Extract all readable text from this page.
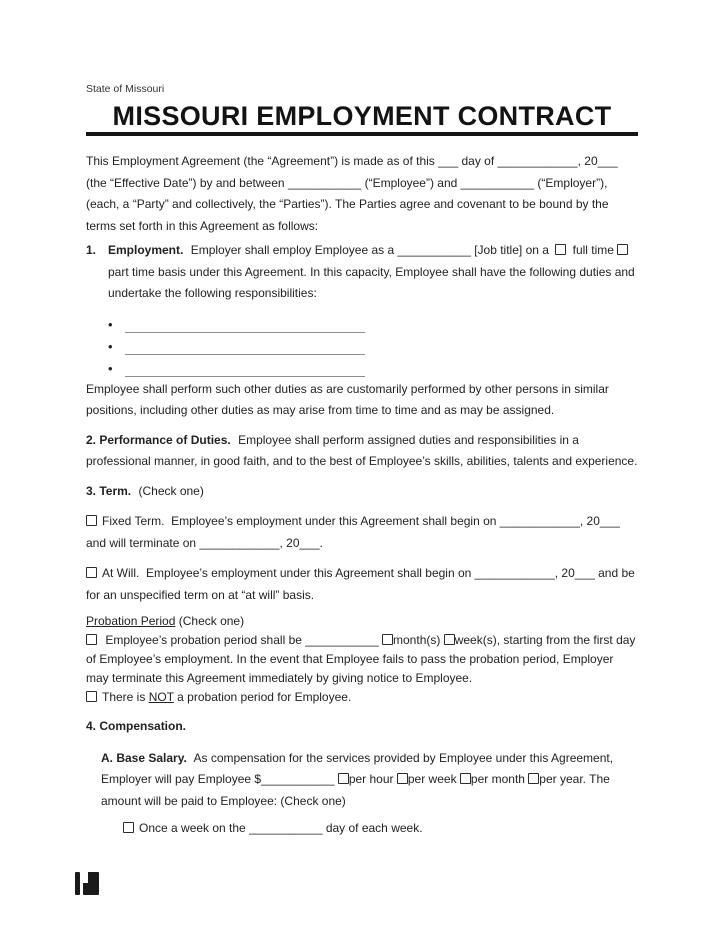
State of Missouri
MISSOURI EMPLOYMENT CONTRACT

This Employment Agreement (the “Agreement”) is made as of this ___ day of ____________, 20___ (the “Effective Date”) by and between ___________ (“Employee”) and ___________ (“Employer”), (each, a “Party” and collectively, the “Parties”). The Parties agree and covenant to be bound by the terms set forth in this Agreement as follows:

1. Employment. Employer shall employ Employee as a ___________ [Job title] on a full time part time basis under this Agreement. In this capacity, Employee shall have the following duties and undertake the following responsibilities:

•
•
•

Employee shall perform such other duties as are customarily performed by other persons in similar positions, including other duties as may arise from time to time and as may be assigned.

2. Performance of Duties. Employee shall perform assigned duties and responsibilities in a professional manner, in good faith, and to the best of Employee’s skills, abilities, talents and experience.

3. Term. (Check one)

Fixed Term. Employee’s employment under this Agreement shall begin on ____________, 20___ and will terminate on ____________, 20___.

At Will. Employee’s employment under this Agreement shall begin on ____________, 20___ and be for an unspecified term on at “at will” basis.

Probation Period (Check one)
Employee’s probation period shall be ___________ month(s) week(s), starting from the first day of Employee’s employment. In the event that Employee fails to pass the probation period, Employer may terminate this Agreement immediately by giving notice to Employee.
There is NOT a probation period for Employee.

4. Compensation.

A. Base Salary. As compensation for the services provided by Employee under this Agreement, Employer will pay Employee $___________ per hour per week per month per year. The amount will be paid to Employee: (Check one)

Once a week on the ___________ day of each week.
